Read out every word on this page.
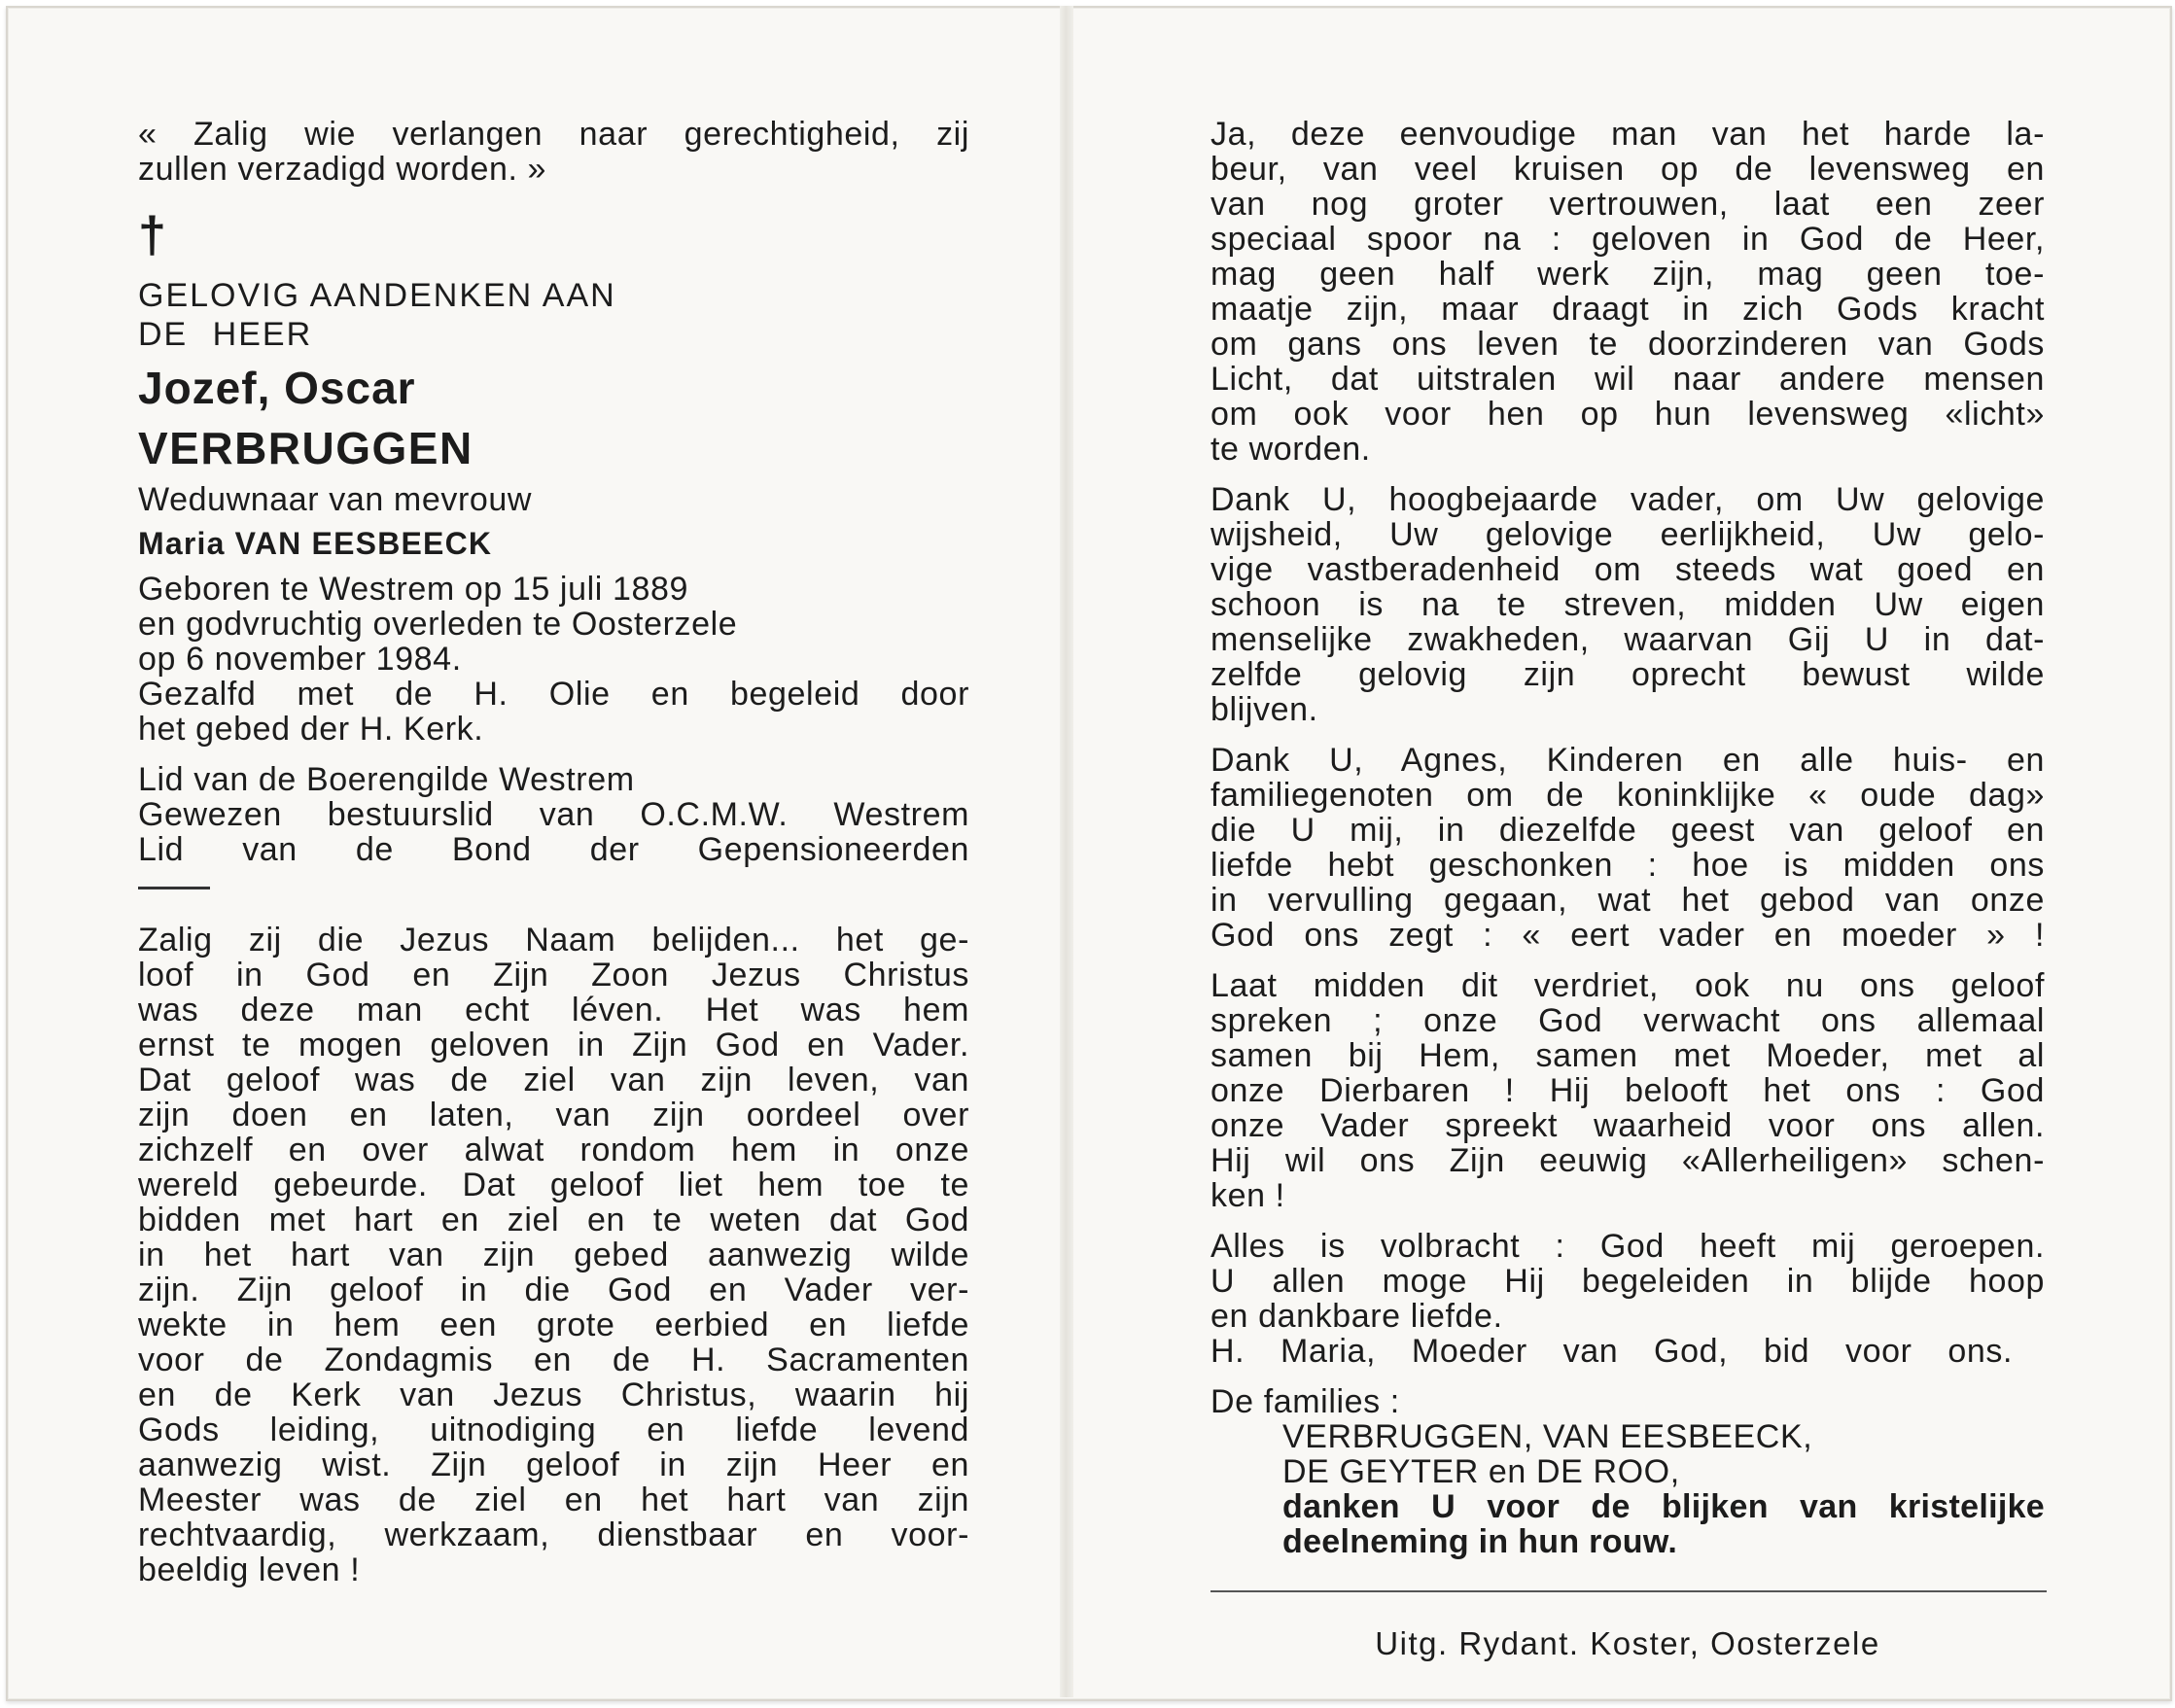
« Zalig wie verlangen naar gerechtigheid, zij

zullen verzadigd worden. »

†

GELOVIG AANDENKEN AAN

DE HEER

Jozef, Oscar

VERBRUGGEN

Weduwnaar van mevrouw

Maria VAN EESBEECK

Geboren te Westrem op 15 juli 1889

en godvruchtig overleden te Oosterzele

op 6 november 1984.

Gezalfd met de H. Olie en begeleid door

het gebed der H. Kerk.

Lid van de Boerengilde Westrem

Gewezen bestuurslid van O.C.M.W. Westrem

Lid van de Bond der Gepensioneerden

Zalig zij die Jezus Naam belijden... het ge-

loof in God en Zijn Zoon Jezus Christus

was deze man echt léven. Het was hem

ernst te mogen geloven in Zijn God en Vader.

Dat geloof was de ziel van zijn leven, van

zijn doen en laten, van zijn oordeel over

zichzelf en over alwat rondom hem in onze

wereld gebeurde. Dat geloof liet hem toe te

bidden met hart en ziel en te weten dat God

in het hart van zijn gebed aanwezig wilde

zijn. Zijn geloof in die God en Vader ver-

wekte in hem een grote eerbied en liefde

voor de Zondagmis en de H. Sacramenten

en de Kerk van Jezus Christus, waarin hij

Gods leiding, uitnodiging en liefde levend

aanwezig wist. Zijn geloof in zijn Heer en

Meester was de ziel en het hart van zijn

rechtvaardig, werkzaam, dienstbaar en voor-

beeldig leven !

Ja, deze eenvoudige man van het harde la-

beur, van veel kruisen op de levensweg en

van nog groter vertrouwen, laat een zeer

speciaal spoor na : geloven in God de Heer,

mag geen half werk zijn, mag geen toe-

maatje zijn, maar draagt in zich Gods kracht

om gans ons leven te doorzinderen van Gods

Licht, dat uitstralen wil naar andere mensen

om ook voor hen op hun levensweg «licht»

te worden.

Dank U, hoogbejaarde vader, om Uw gelovige

wijsheid, Uw gelovige eerlijkheid, Uw gelo-

vige vastberadenheid om steeds wat goed en

schoon is na te streven, midden Uw eigen

menselijke zwakheden, waarvan Gij U in dat-

zelfde gelovig zijn oprecht bewust wilde

blijven.

Dank U, Agnes, Kinderen en alle huis- en

familiegenoten om de koninklijke « oude dag»

die U mij, in diezelfde geest van geloof en

liefde hebt geschonken : hoe is midden ons

in vervulling gegaan, wat het gebod van onze

God ons zegt : « eert vader en moeder » !

Laat midden dit verdriet, ook nu ons geloof

spreken ; onze God verwacht ons allemaal

samen bij Hem, samen met Moeder, met al

onze Dierbaren ! Hij belooft het ons : God

onze Vader spreekt waarheid voor ons allen.

Hij wil ons Zijn eeuwig «Allerheiligen» schen-

ken !

Alles is volbracht : God heeft mij geroepen.

U allen moge Hij begeleiden in blijde hoop

en dankbare liefde.

H. Maria, Moeder van God, bid voor ons.

De families :

VERBRUGGEN, VAN EESBEECK,

DE GEYTER en DE ROO,

danken U voor de blijken van kristelijke

deelneming in hun rouw.

Uitg. Rydant. Koster, Oosterzele
